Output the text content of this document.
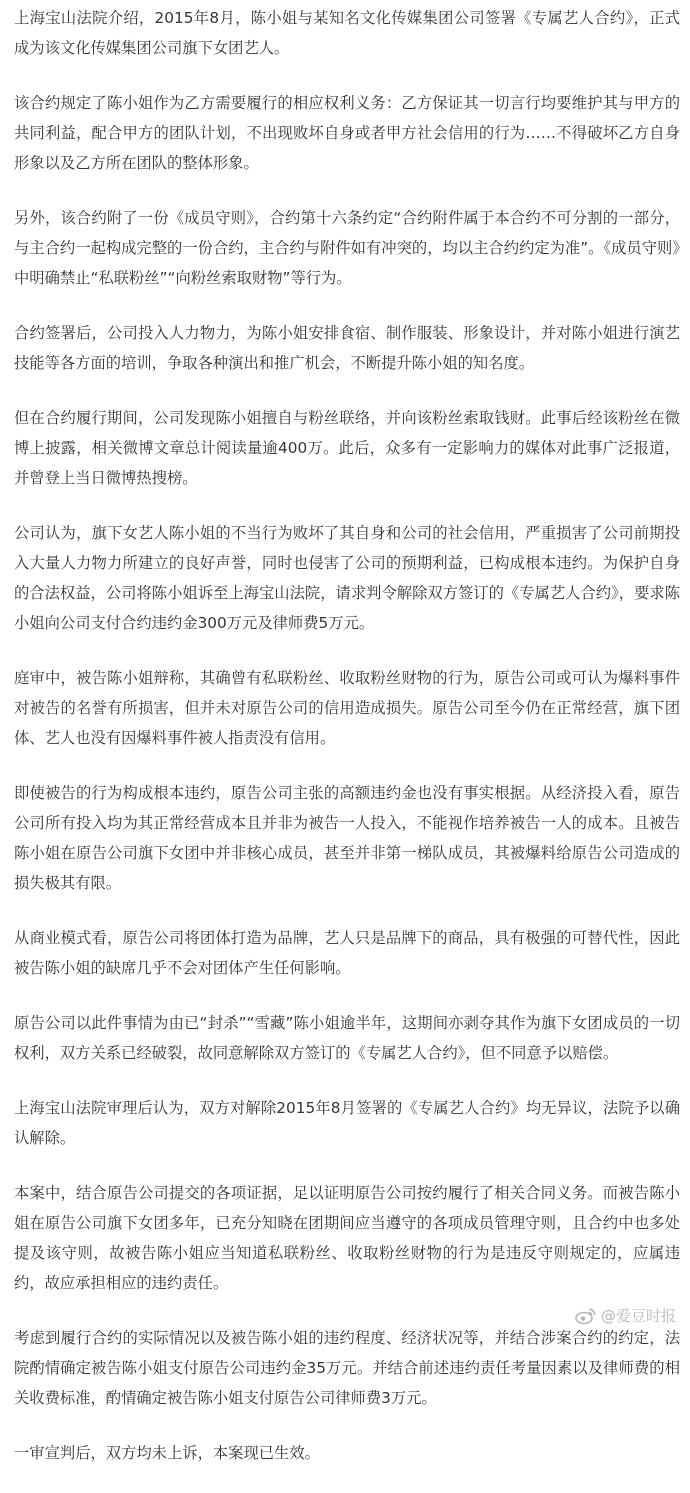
上海宝山法院介绍，2015年8月，陈小姐与某知名文化传媒集团公司签署《专属艺人合约》，正式成为该文化传媒集团公司旗下女团艺人。

该合约规定了陈小姐作为乙方需要履行的相应权利义务：乙方保证其一切言行均要维护其与甲方的共同利益，配合甲方的团队计划，不出现败坏自身或者甲方社会信用的行为……不得破坏乙方自身形象以及乙方所在团队的整体形象。

另外，该合约附了一份《成员守则》，合约第十六条约定“合约附件属于本合约不可分割的一部分，与主合约一起构成完整的一份合约，主合约与附件如有冲突的，均以主合约约定为准”。《成员守则》中明确禁止“私联粉丝”“向粉丝索取财物”等行为。

合约签署后，公司投入人力物力，为陈小姐安排食宿、制作服装、形象设计，并对陈小姐进行演艺技能等各方面的培训，争取各种演出和推广机会，不断提升陈小姐的知名度。

但在合约履行期间，公司发现陈小姐擅自与粉丝联络，并向该粉丝索取钱财。此事后经该粉丝在微博上披露，相关微博文章总计阅读量逾400万。此后，众多有一定影响力的媒体对此事广泛报道，并曾登上当日微博热搜榜。

公司认为，旗下女艺人陈小姐的不当行为败坏了其自身和公司的社会信用，严重损害了公司前期投入大量人力物力所建立的良好声誉，同时也侵害了公司的预期利益，已构成根本违约。为保护自身的合法权益，公司将陈小姐诉至上海宝山法院，请求判令解除双方签订的《专属艺人合约》，要求陈小姐向公司支付合约违约金300万元及律师费5万元。

庭审中，被告陈小姐辩称，其确曾有私联粉丝、收取粉丝财物的行为，原告公司或可认为爆料事件对被告的名誉有所损害，但并未对原告公司的信用造成损失。原告公司至今仍在正常经营，旗下团体、艺人也没有因爆料事件被人指责没有信用。

即使被告的行为构成根本违约，原告公司主张的高额违约金也没有事实根据。从经济投入看，原告公司所有投入均为其正常经营成本且并非为被告一人投入，不能视作培养被告一人的成本。且被告陈小姐在原告公司旗下女团中并非核心成员，甚至并非第一梯队成员，其被爆料给原告公司造成的损失极其有限。

从商业模式看，原告公司将团体打造为品牌，艺人只是品牌下的商品，具有极强的可替代性，因此被告陈小姐的缺席几乎不会对团体产生任何影响。

原告公司以此件事情为由已“封杀”“雪藏”陈小姐逾半年，这期间亦剥夺其作为旗下女团成员的一切权利，双方关系已经破裂，故同意解除双方签订的《专属艺人合约》，但不同意予以赔偿。

上海宝山法院审理后认为，双方对解除2015年8月签署的《专属艺人合约》均无异议，法院予以确认解除。

本案中，结合原告公司提交的各项证据，足以证明原告公司按约履行了相关合同义务。而被告陈小姐在原告公司旗下女团多年，已充分知晓在团期间应当遵守的各项成员管理守则，且合约中也多处提及该守则，故被告陈小姐应当知道私联粉丝、收取粉丝财物的行为是违反守则规定的，应属违约，故应承担相应的违约责任。

考虑到履行合约的实际情况以及被告陈小姐的违约程度、经济状况等，并结合涉案合约的约定，法院酌情确定被告陈小姐支付原告公司违约金35万元。并结合前述违约责任考量因素以及律师费的相关收费标准，酌情确定被告陈小姐支付原告公司律师费3万元。

一审宣判后，双方均未上诉，本案现已生效。

@爱豆时报
